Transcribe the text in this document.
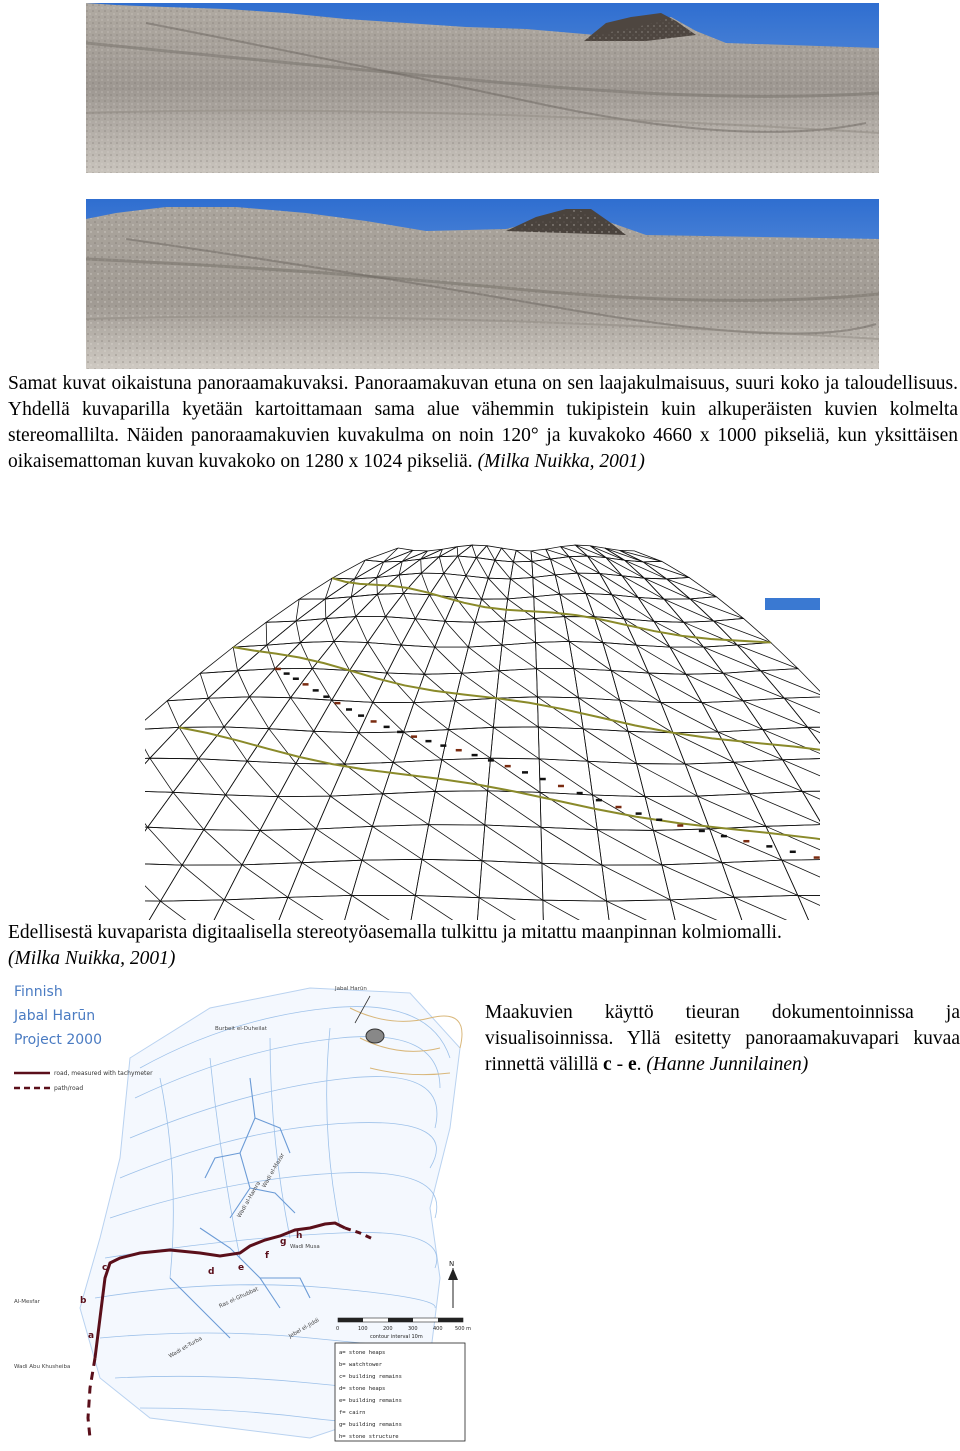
Samat kuvat oikaistuna panoraamakuvaksi. Panoraamakuvan etuna on sen laajakulmaisuus, suuri koko ja taloudellisuus. Yhdellä kuvaparilla kyetään kartoittamaan sama alue vähemmin tukipistein kuin alkuperäisten kuvien kolmelta stereomallilta. Näiden panoraamakuvien kuvakulma on noin 120° ja kuvakoko 4660 x 1000 pikseliä, kun yksittäisen oikaisemattoman kuvan kuvakoko on 1280 x 1024 pikseliä. (Milka Nuikka, 2001)

Edellisestä kuvaparista digitaalisella stereotyöasemalla tulkittu ja mitattu maanpinnan kolmiomalli.
(Milka Nuikka, 2001)

Finnish
Jabal Harūn
Project 2000
road, measured with tachymeter
path/road
Jabal Harūn
Burbeit el-Duheilat
Wadi el-Mazar
Wadi al-Hamra
Wadi Musa
Wadi et-Turba
Jebel el-Jiddi
Ras el-Ghubbat
Al-Mesfar
Wadi Abu Khusheiba
a
b
c	d	e
f
g
h
N
0	100	200	300	400 500 m
contour interval 10m
a= stone heaps
b= watchtower
c= building remains
d= stone heaps
e= building remains
f= cairn
g= building remains
h= stone structure

Maakuvien käyttö tieuran dokumentoinnissa ja visualisoinnissa. Yllä esitetty panoraamakuvapari kuvaa rinnettä välillä c - e. (Hanne Junnilainen)
